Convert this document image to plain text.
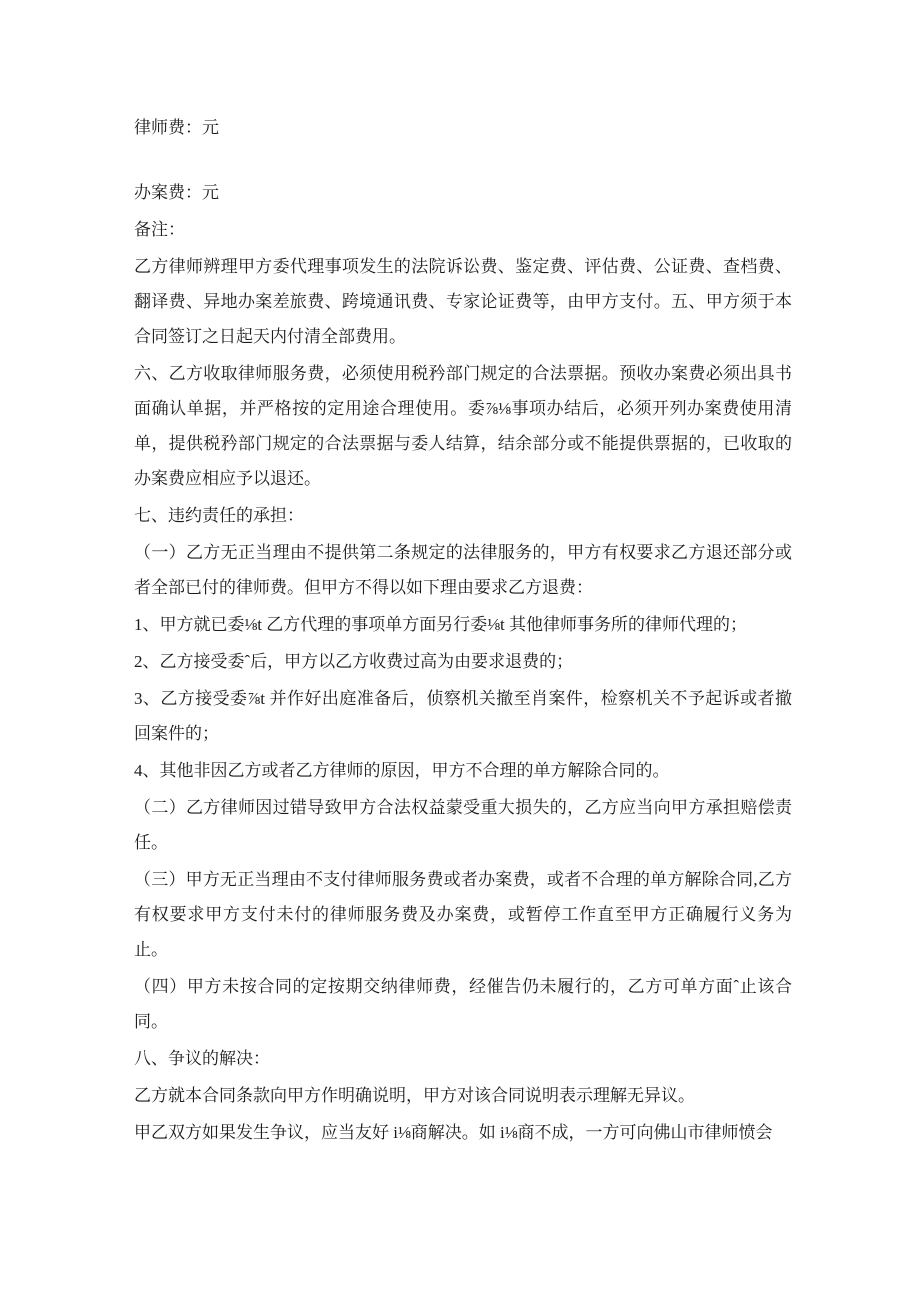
律师费：元

办案费：元

备注：

乙方律师辨理甲方委代理事项发生的法院诉讼费、鉴定费、评估费、公证费、查档费、翻译费、异地办案差旅费、跨境通讯费、专家论证费等，由甲方支付。五、甲方须于本合同签订之日起天内付清全部费用。

六、乙方收取律师服务费，必须使用税矜部门规定的合法票据。预收办案费必须出具书面确认单据，并严格按的定用途合理使用。委⅞⅛事项办结后，必须开列办案费使用清单，提供税矜部门规定的合法票据与委人结算，结余部分或不能提供票据的，已收取的办案费应相应予以退还。

七、违约责任的承担：

（一）乙方无正当理由不提供第二条规定的法律服务的，甲方有权要求乙方退还部分或者全部已付的律师费。但甲方不得以如下理由要求乙方退费：

1、甲方就已委⅛t 乙方代理的事项单方面另行委⅛t 其他律师事务所的律师代理的；

2、乙方接受委ˆ后，甲方以乙方收费过高为由要求退费的；

3、乙方接受委⅞t 并作好出庭准备后，侦察机关撤至肖案件，检察机关不予起诉或者撤回案件的；

4、其他非因乙方或者乙方律师的原因，甲方不合理的单方解除合同的。

（二）乙方律师因过错导致甲方合法权益蒙受重大损失的，乙方应当向甲方承担赔偿责任。

（三）甲方无正当理由不支付律师服务费或者办案费，或者不合理的单方解除合同,乙方有权要求甲方支付未付的律师服务费及办案费，或暂停工作直至甲方正确履行义务为止。

（四）甲方未按合同的定按期交纳律师费，经催告仍未履行的，乙方可单方面ˆ止该合同。

八、争议的解决：

乙方就本合同条款向甲方作明确说明，甲方对该合同说明表示理解无异议。

甲乙双方如果发生争议，应当友好 i⅛商解决。如 i⅛商不成，一方可向佛山市律师愤会
